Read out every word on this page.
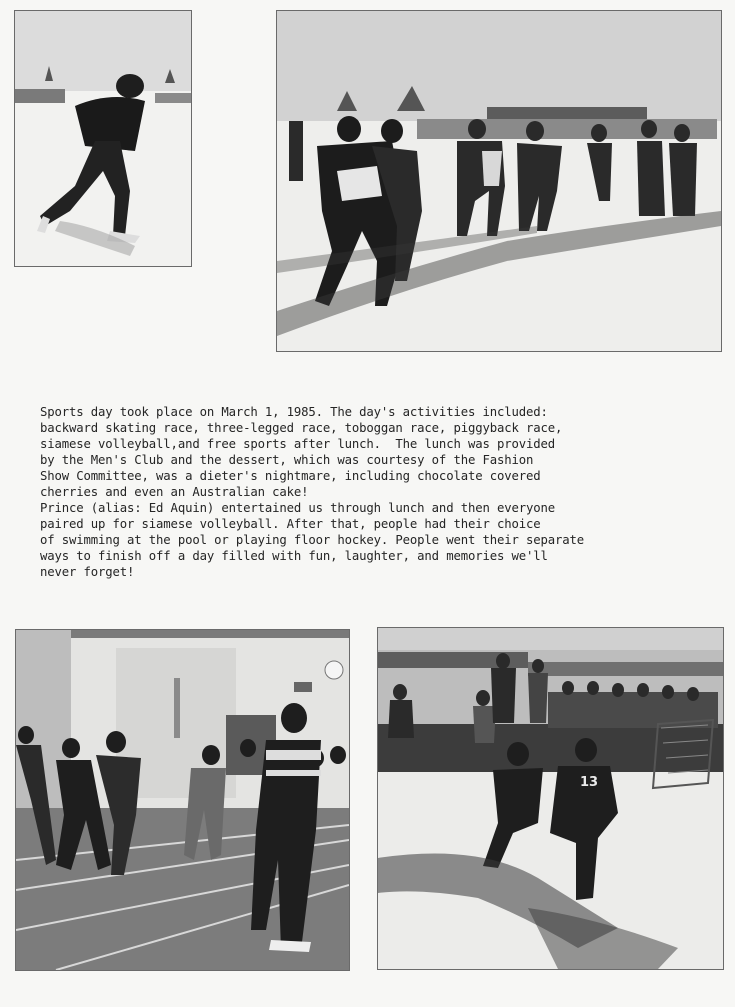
Sports day took place on March 1, 1985. The day's activities included:

backward skating race, three-legged race, toboggan race, piggyback race,

siamese volleyball,and free sports after lunch.  The lunch was provided

by the Men's Club and the dessert, which was courtesy of the Fashion

Show Committee, was a dieter's nightmare, including chocolate covered

cherries and even an Australian cake!

Prince (alias: Ed Aquin) entertained us through lunch and then everyone

paired up for siamese volleyball. After that, people had their choice

of swimming at the pool or playing floor hockey. People went their separate

ways to finish off a day filled with fun, laughter, and memories we'll

never forget!

13
